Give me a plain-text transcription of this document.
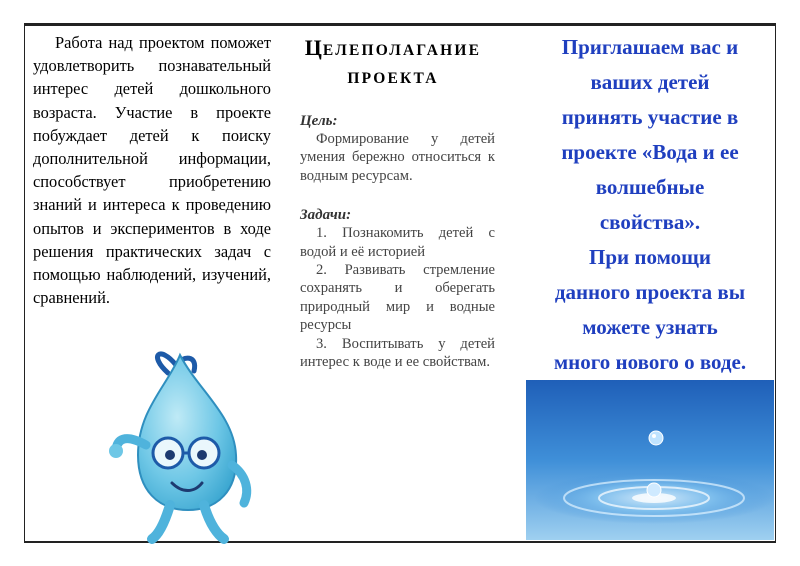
Работа над проектом поможет удовлетворить познавательный интерес детей дошкольного возраста. Участие в проекте побуждает детей к поиску дополнительной информации, способствует приобретению знаний и интереса к проведению опытов и экспериментов в ходе решения практических задач с помощью наблюдений, изучений, сравнений.
ЦЕЛЕПОЛАГАНИЕ
ПРОЕКТА
Цель:
Формирование у детей умения бережно относиться к водным ресурсам.
Задачи:
1. Познакомить детей с водой и её историей
2. Развивать стремление сохранять и оберегать природный мир и водные ресурсы
3. Воспитывать у детей интерес к воде и ее свойствам.
Приглашаем вас и
ваших детей
принять участие в
проекте «Вода и ее
волшебные
свойства».
При помощи
данного проекта вы
можете узнать
много нового о воде.
